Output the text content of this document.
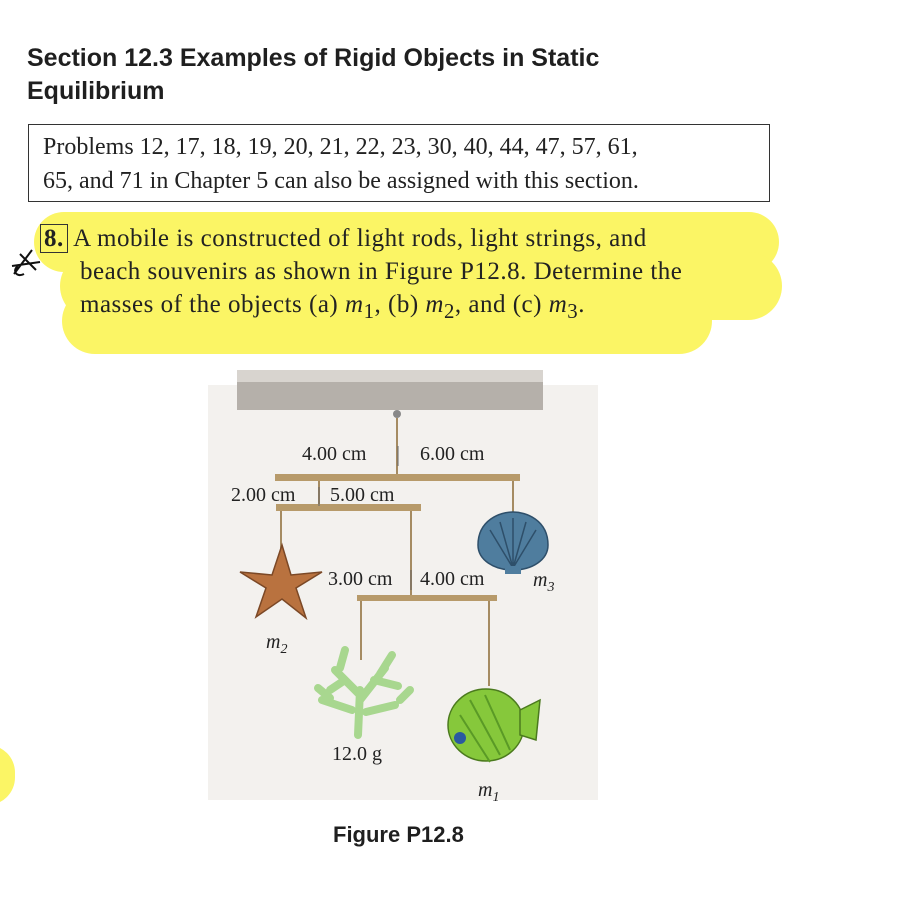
Section 12.3 Examples of Rigid Objects in Static
Equilibrium
Problems 12, 17, 18, 19, 20, 21, 22, 23, 30, 40, 44, 47, 57, 61,
65, and 71 in Chapter 5 can also be assigned with this section.
8. A mobile is constructed of light rods, light strings, and
beach souvenirs as shown in Figure P12.8. Determine the
masses of the objects (a) $m_1$, (b) $m_2$, and (c) $m_3$.
4.00 cm	6.00 cm
2.00 cm 5.00 cm
3.00 cm 4.00 cm
12.0 g
$m_2$
$m_3$
$m_1$
Figure P12.8
